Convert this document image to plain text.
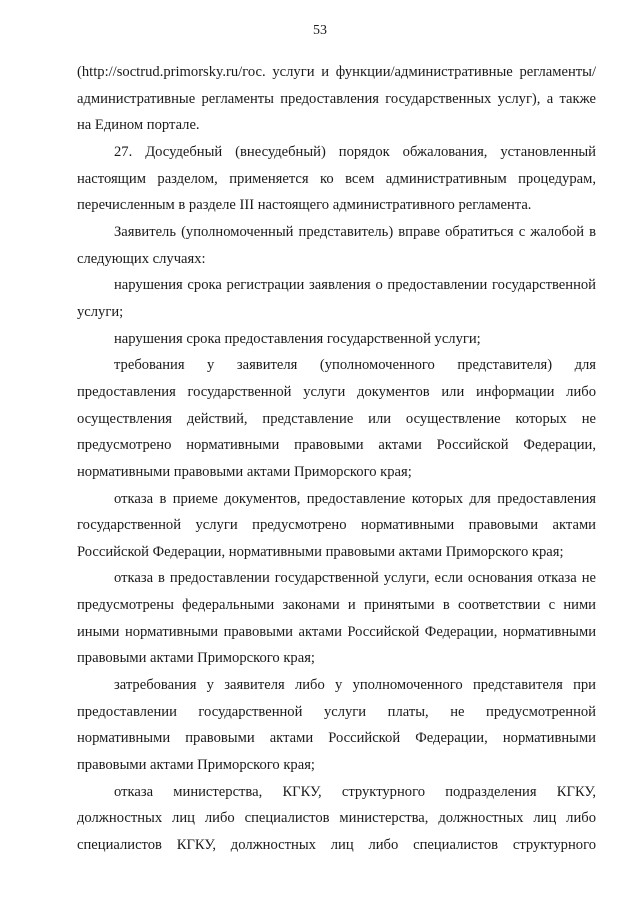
53

(http://soctrud.primorsky.ru/гос. услуги и функции/административные регламенты/административные регламенты предоставления государственных услуг), а также на Едином портале.

27. Досудебный (внесудебный) порядок обжалования, установленный настоящим разделом, применяется ко всем административным процедурам, перечисленным в разделе III настоящего административного регламента.

Заявитель (уполномоченный представитель) вправе обратиться с жалобой в следующих случаях:

нарушения срока регистрации заявления о предоставлении государственной услуги;

нарушения срока предоставления государственной услуги;

требования у заявителя (уполномоченного представителя) для предоставления государственной услуги документов или информации либо осуществления действий, представление или осуществление которых не предусмотрено нормативными правовыми актами Российской Федерации, нормативными правовыми актами Приморского края;

отказа в приеме документов, предоставление которых для предоставления государственной услуги предусмотрено нормативными правовыми актами Российской Федерации, нормативными правовыми актами Приморского края;

отказа в предоставлении государственной услуги, если основания отказа не предусмотрены федеральными законами и принятыми в соответствии с ними иными нормативными правовыми актами Российской Федерации, нормативными правовыми актами Приморского края;

затребования у заявителя либо у уполномоченного представителя при предоставлении государственной услуги платы, не предусмотренной нормативными правовыми актами Российской Федерации, нормативными правовыми актами Приморского края;

отказа министерства, КГКУ, структурного подразделения КГКУ, должностных лиц либо специалистов министерства, должностных лиц либо специалистов КГКУ, должностных лиц либо специалистов структурного
